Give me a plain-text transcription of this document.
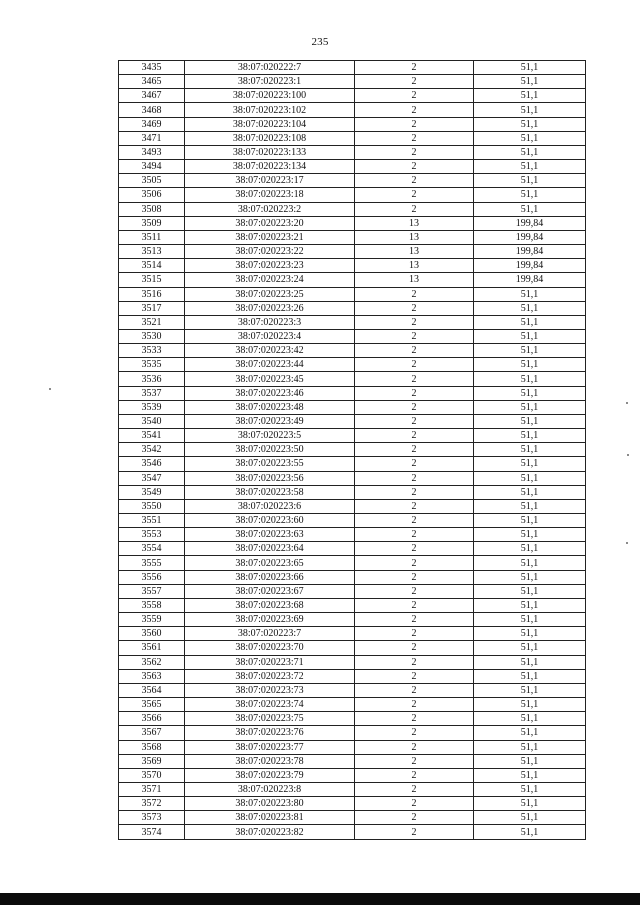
235
3435	38:07:020222:7	2	51,1
3465	38:07:020223:1	2	51,1
3467	38:07:020223:100	2	51,1
3468	38:07:020223:102	2	51,1
3469	38:07:020223:104	2	51,1
3471	38:07:020223:108	2	51,1
3493	38:07:020223:133	2	51,1
3494	38:07:020223:134	2	51,1
3505	38:07:020223:17	2	51,1
3506	38:07:020223:18	2	51,1
3508	38:07:020223:2	2	51,1
3509	38:07:020223:20	13	199,84
3511	38:07:020223:21	13	199,84
3513	38:07:020223:22	13	199,84
3514	38:07:020223:23	13	199,84
3515	38:07:020223:24	13	199,84
3516	38:07:020223:25	2	51,1
3517	38:07:020223:26	2	51,1
3521	38:07:020223:3	2	51,1
3530	38:07:020223:4	2	51,1
3533	38:07:020223:42	2	51,1
3535	38:07:020223:44	2	51,1
3536	38:07:020223:45	2	51,1
3537	38:07:020223:46	2	51,1
3539	38:07:020223:48	2	51,1
3540	38:07:020223:49	2	51,1
3541	38:07:020223:5	2	51,1
3542	38:07:020223:50	2	51,1
3546	38:07:020223:55	2	51,1
3547	38:07:020223:56	2	51,1
3549	38:07:020223:58	2	51,1
3550	38:07:020223:6	2	51,1
3551	38:07:020223:60	2	51,1
3553	38:07:020223:63	2	51,1
3554	38:07:020223:64	2	51,1
3555	38:07:020223:65	2	51,1
3556	38:07:020223:66	2	51,1
3557	38:07:020223:67	2	51,1
3558	38:07:020223:68	2	51,1
3559	38:07:020223:69	2	51,1
3560	38:07:020223:7	2	51,1
3561	38:07:020223:70	2	51,1
3562	38:07:020223:71	2	51,1
3563	38:07:020223:72	2	51,1
3564	38:07:020223:73	2	51,1
3565	38:07:020223:74	2	51,1
3566	38:07:020223:75	2	51,1
3567	38:07:020223:76	2	51,1
3568	38:07:020223:77	2	51,1
3569	38:07:020223:78	2	51,1
3570	38:07:020223:79	2	51,1
3571	38:07:020223:8	2	51,1
3572	38:07:020223:80	2	51,1
3573	38:07:020223:81	2	51,1
3574	38:07:020223:82	2	51,1
